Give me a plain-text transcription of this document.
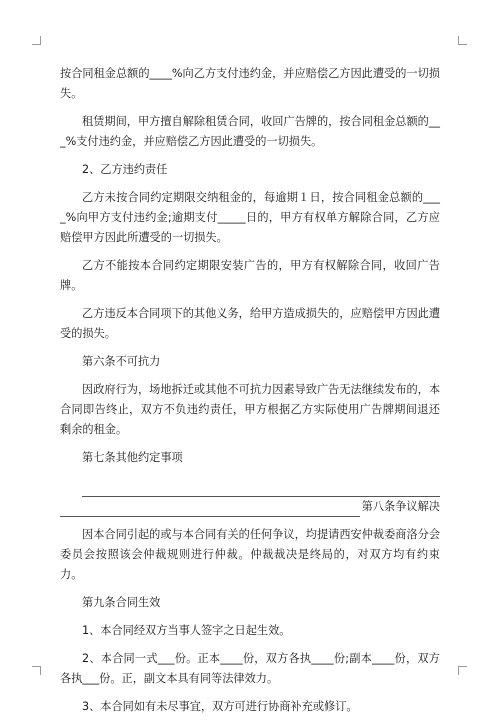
按合同租金总额的____%向乙方支付违约金，并应赔偿乙方因此遭受的一切损失。

租赁期间，甲方擅自解除租赁合同，收回广告牌的，按合同租金总额的___%支付违约金，并应赔偿乙方因此遭受的一切损失。

2、乙方违约责任

乙方未按合同约定期限交纳租金的，每逾期１日，按合同租金总额的____%向甲方支付违约金;逾期支付_____日的，甲方有权单方解除合同，乙方应赔偿甲方因此所遭受的一切损失。

乙方不能按本合同约定期限安装广告的，甲方有权解除合同，收回广告牌。

乙方违反本合同项下的其他义务，给甲方造成损失的，应赔偿甲方因此遭受的损失。

第六条不可抗力

因政府行为，场地拆迁或其他不可抗力因素导致广告无法继续发布的，本合同即告终止，双方不负违约责任，甲方根据乙方实际使用广告牌期间退还剩余的租金。

第七条其他约定事项

第八条争议解决

因本合同引起的或与本合同有关的任何争议，均提请西安仲裁委商洛分会委员会按照该会仲裁规则进行仲裁。仲裁裁决是终局的，对双方均有约束力。

第九条合同生效

1、本合同经双方当事人签字之日起生效。

2、本合同一式___份。正本____份，双方各执____份;副本____份，双方各执___份。正，副文本具有同等法律效力。

3、本合同如有未尽事宜，双方可进行协商补充或修订。
